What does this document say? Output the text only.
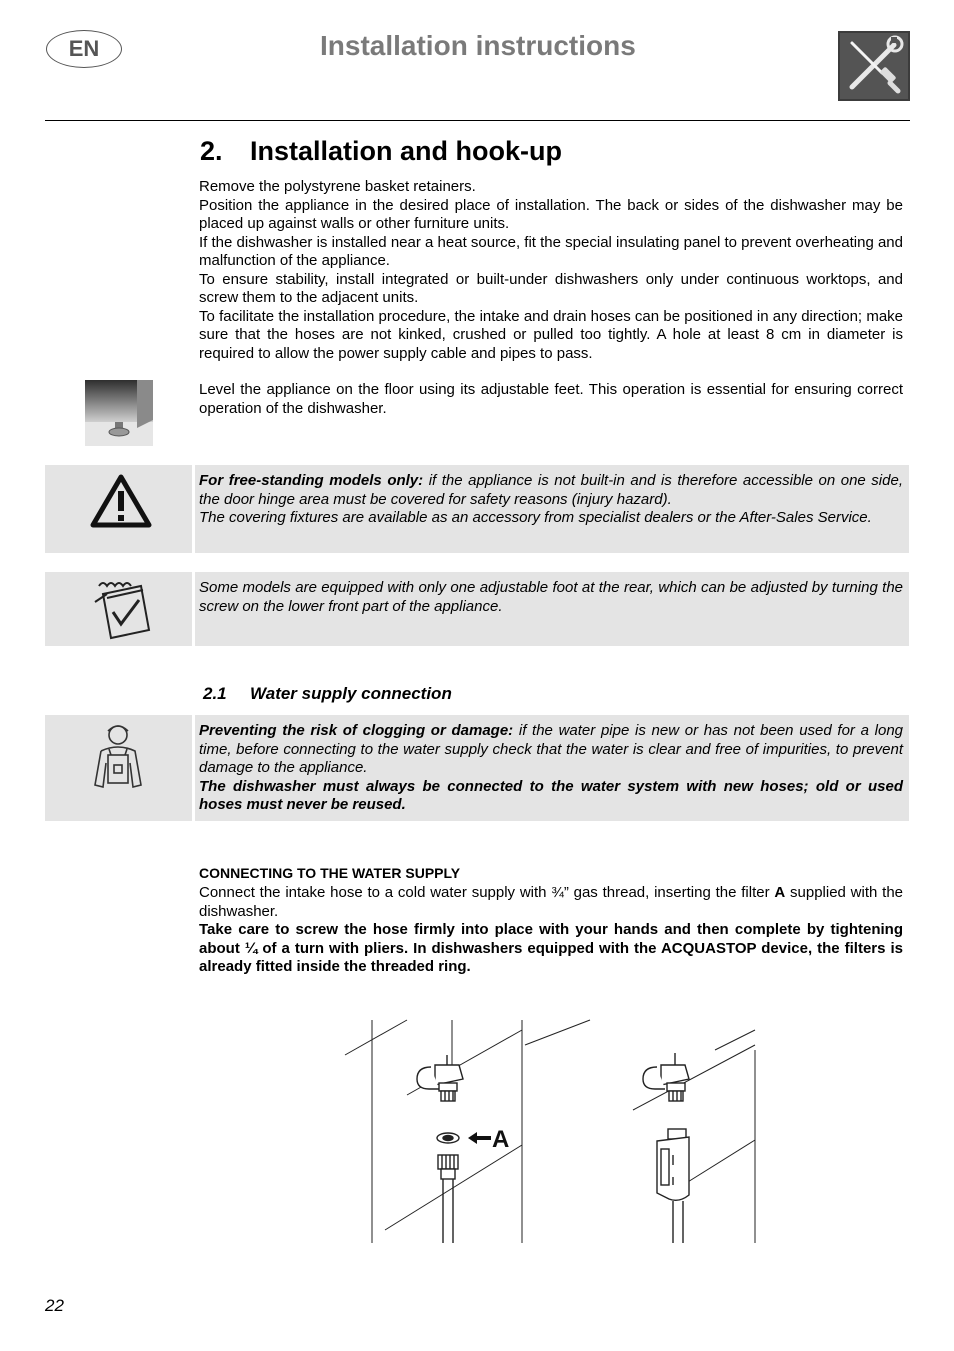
EN	Installation instructions
2. Installation and hook-up

Remove the polystyrene basket retainers.

Position the appliance in the desired place of installation. The back or sides of the dishwasher may be placed up against walls or other furniture units.

If the dishwasher is installed near a heat source, fit the special insulating panel to prevent overheating and malfunction of the appliance.

To ensure stability, install integrated or built-under dishwashers only under continuous worktops, and screw them to the adjacent units.

To facilitate the installation procedure, the intake and drain hoses can be positioned in any direction; make sure that the hoses are not kinked, crushed or pulled too tightly. A hole at least 8 cm in diameter is required to allow the power supply cable and pipes to pass.

Level the appliance on the floor using its adjustable feet. This operation is essential for ensuring correct operation of the dishwasher.
For free-standing models only: if the appliance is not built-in and is therefore accessible on one side, the door hinge area must be covered for safety reasons (injury hazard).
The covering fixtures are available as an accessory from specialist dealers or the After-Sales Service.
Some models are equipped with only one adjustable foot at the rear, which can be adjusted by turning the screw on the lower front part of the appliance.
2.1 Water supply connection
Preventing the risk of clogging or damage: if the water pipe is new or has not been used for a long time, before connecting to the water supply check that the water is clear and free of impurities, to prevent damage to the appliance.
The dishwasher must always be connected to the water system with new hoses; old or used hoses must never be reused.
CONNECTING TO THE WATER SUPPLY

Connect the intake hose to a cold water supply with ¾” gas thread, inserting the filter A supplied with the dishwasher.

Take care to screw the hose firmly into place with your hands and then complete by tightening about ¼ of a turn with pliers. In dishwashers equipped with the ACQUASTOP device, the filters is already fitted inside the threaded ring.

A
22
